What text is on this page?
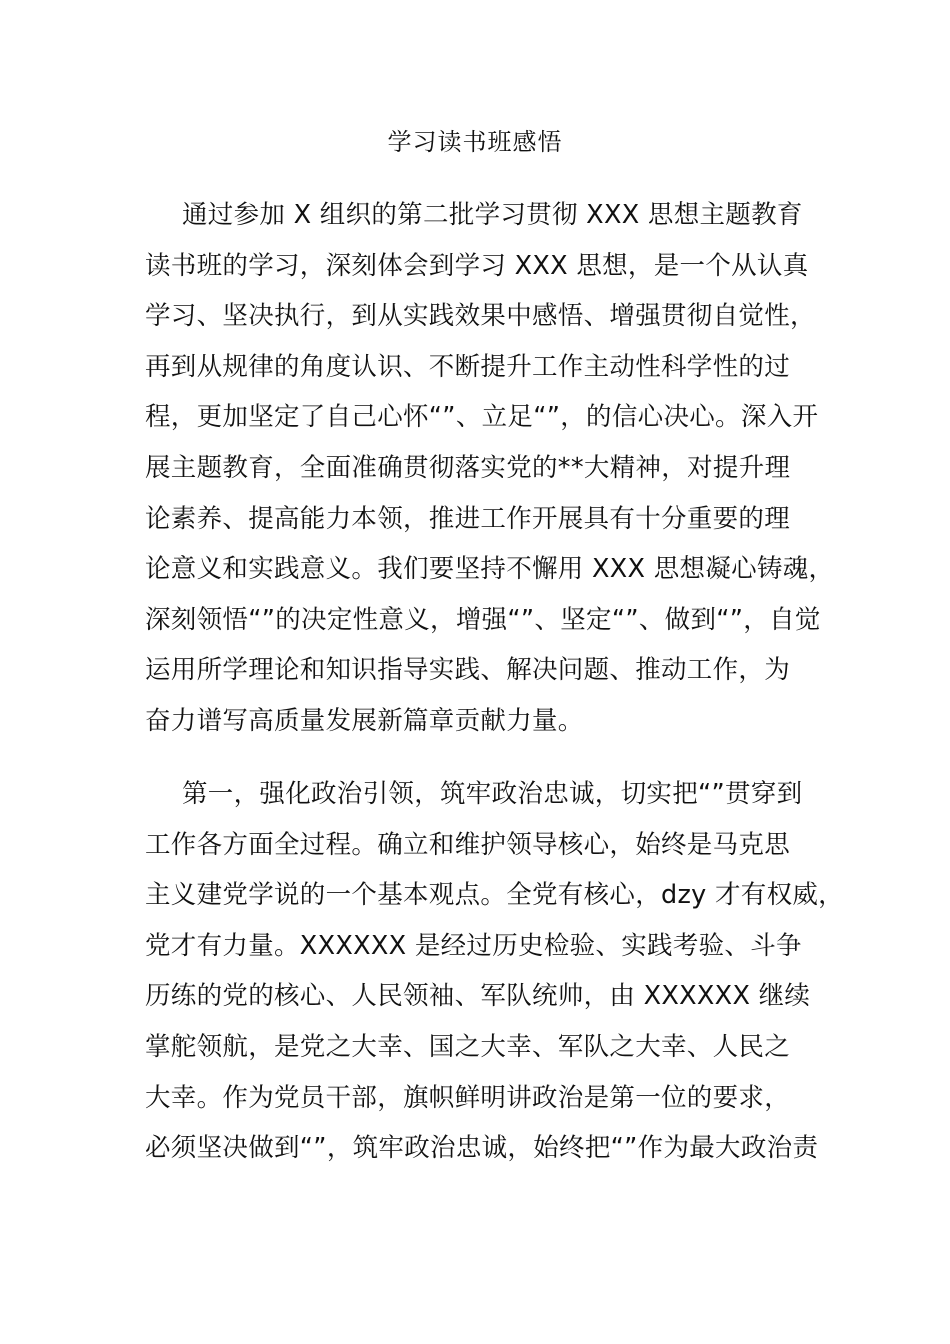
学习读书班感悟
通过参加 X 组织的第二批学习贯彻 XXX 思想主题教育
读书班的学习，深刻体会到学习 XXX 思想，是一个从认真
学习、坚决执行，到从实践效果中感悟、增强贯彻自觉性，
再到从规律的角度认识、不断提升工作主动性科学性的过
程，更加坚定了自己心怀“”、立足“”，的信心决心。深入开
展主题教育，全面准确贯彻落实党的**大精神，对提升理
论素养、提高能力本领，推进工作开展具有十分重要的理
论意义和实践意义。我们要坚持不懈用 XXX 思想凝心铸魂，
深刻领悟“”的决定性意义，增强“”、坚定“”、做到“”，自觉
运用所学理论和知识指导实践、解决问题、推动工作，为
奋力谱写高质量发展新篇章贡献力量。
第一，强化政治引领，筑牢政治忠诚，切实把“”贯穿到
工作各方面全过程。确立和维护领导核心，始终是马克思
主义建党学说的一个基本观点。全党有核心，dzy 才有权威，
党才有力量。XXXXXX 是经过历史检验、实践考验、斗争
历练的党的核心、人民领袖、军队统帅，由 XXXXXX 继续
掌舵领航，是党之大幸、国之大幸、军队之大幸、人民之
大幸。作为党员干部，旗帜鲜明讲政治是第一位的要求，
必须坚决做到“”，筑牢政治忠诚，始终把“”作为最大政治责
